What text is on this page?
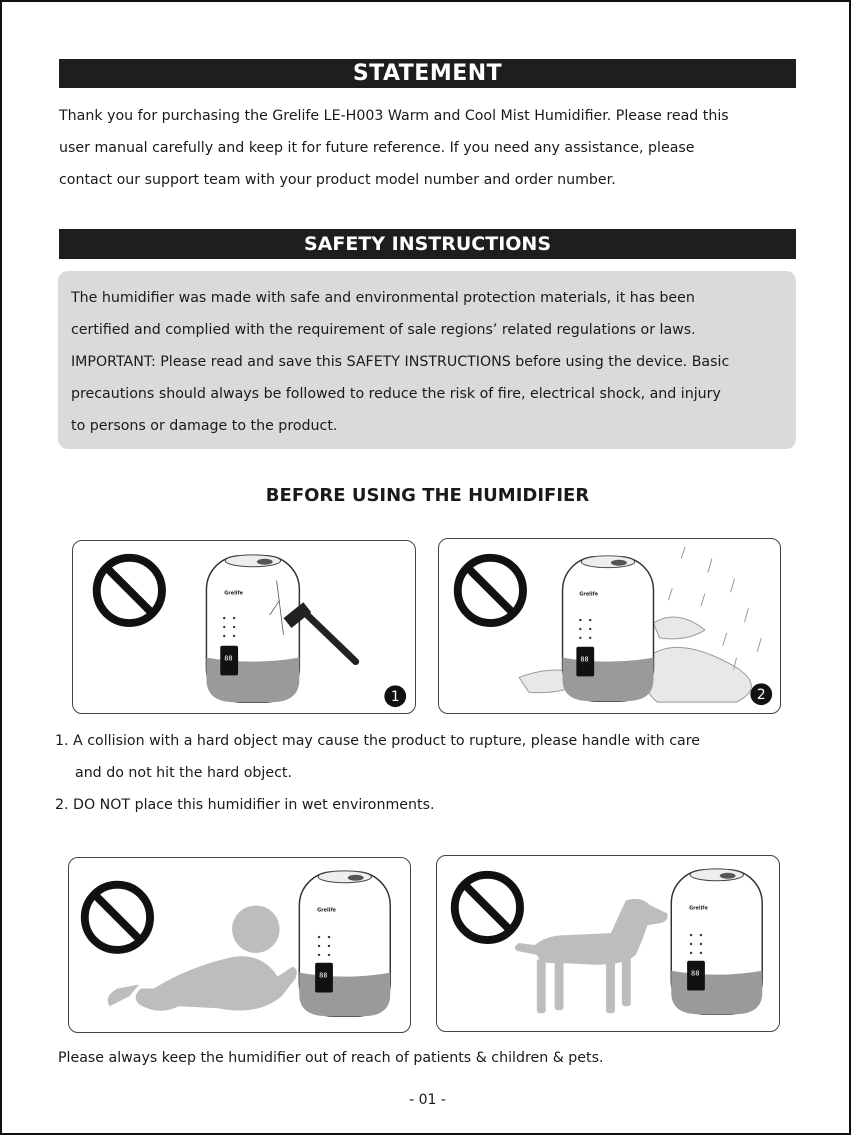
STATEMENT
Thank you for purchasing the Grelife LE-H003 Warm and Cool Mist Humidifier. Please read this
user manual carefully and keep it for future reference. If you need any assistance, please
contact our support team with your product model number and order number.
SAFETY INSTRUCTIONS
The humidifier was made with safe and environmental protection materials, it has been
certified and complied with the requirement of sale regions’ related regulations or laws.
IMPORTANT: Please read and save this SAFETY INSTRUCTIONS before using the device. Basic
precautions should always be followed to reduce the risk of fire, electrical shock, and injury
to persons or damage to the product.
BEFORE USING THE HUMIDIFIER
Grelife
88
1
Grelife
88
2
1. A collision with a hard object may cause the product to rupture, please handle with care
and do not hit the hard object.
2. DO NOT place this humidifier in wet environments.
Grelife
88
Grelife
88
Please always keep the humidifier out of reach of patients & children & pets.
- 01 -
